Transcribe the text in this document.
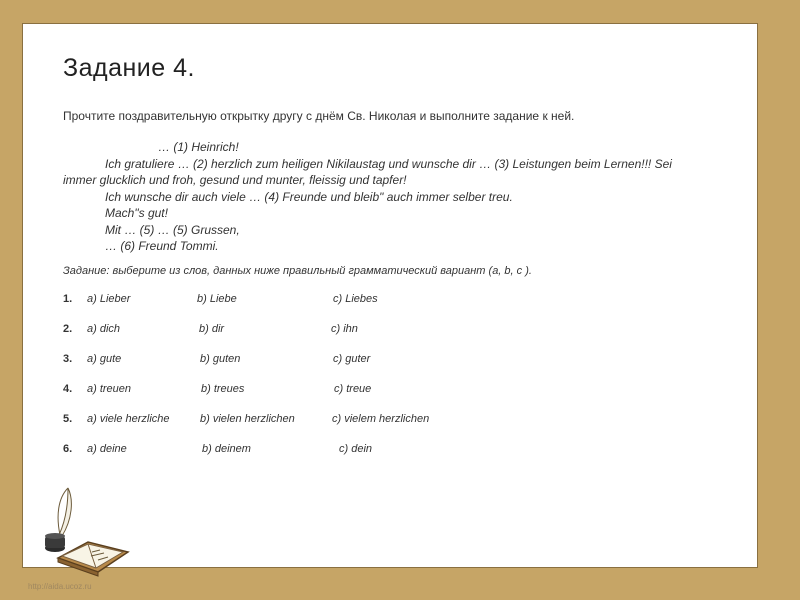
Задание 4.
Прочтите поздравительную открытку другу с днём Св. Николая и выполните задание к ней.
… (1) Heinrich!
Ich gratuliere … (2) herzlich zum heiligen Nikilaustag und wunsche dir … (3) Leistungen beim Lernen!!! Sei
immer glucklich und froh, gesund und munter, fleissig und tapfer!
Ich wunsche dir auch viele … (4) Freunde und bleib" auch immer selber treu.
Mach"s gut!
Mit … (5) … (5) Grussen,
… (6) Freund Tommi.
Задание: выберите из слов, данных ниже правильный грамматический вариант (a, b, c ).
1. a) Lieber	b) Liebe	c) Liebes
2. a) dich	b) dir	c) ihn
3. a) gute	b) guten	c) guter
4. a) treuen	b) treues	c) treue
5. a) viele herzliche	b) vielen herzlichen	c) vielem herzlichen
6. a) deine	b) deinem	c) dein
http://aida.ucoz.ru
